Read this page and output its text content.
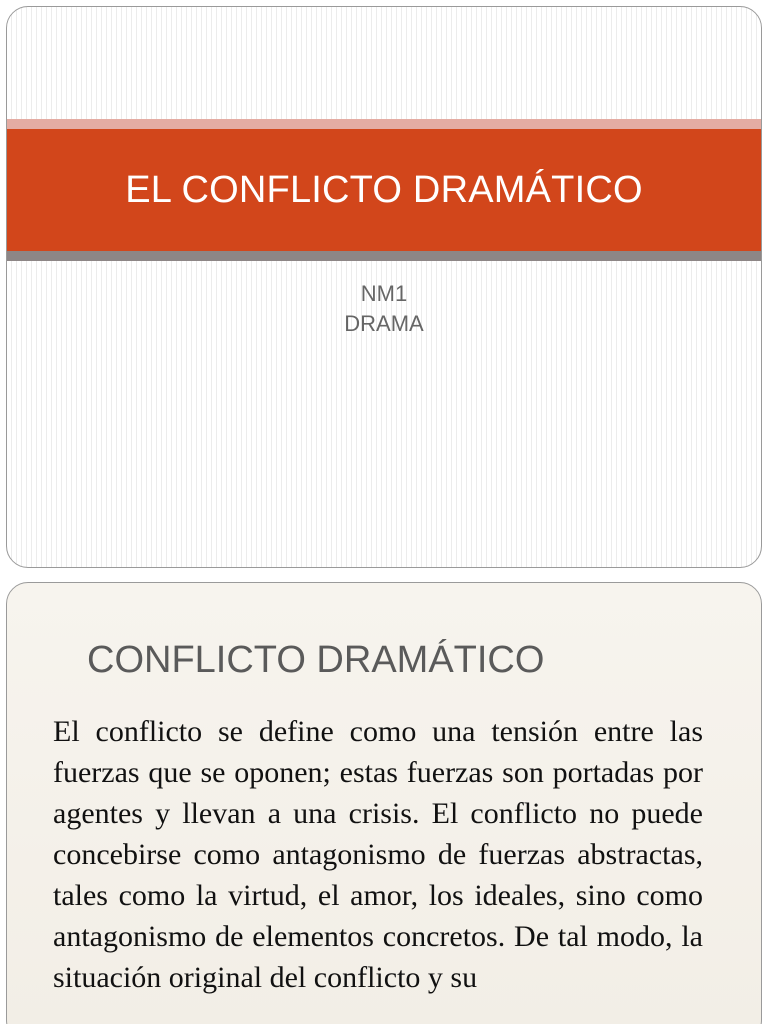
EL CONFLICTO DRAMÁTICO
NM1
DRAMA
CONFLICTO DRAMÁTICO

El conflicto se define como una tensión entre las fuerzas que se oponen; estas fuerzas son portadas por agentes y llevan a una crisis. El conflicto no puede concebirse como antagonismo de fuerzas abstractas, tales como la virtud, el amor, los ideales, sino como antagonismo de elementos concretos. De tal modo, la situación original del conflicto y su
